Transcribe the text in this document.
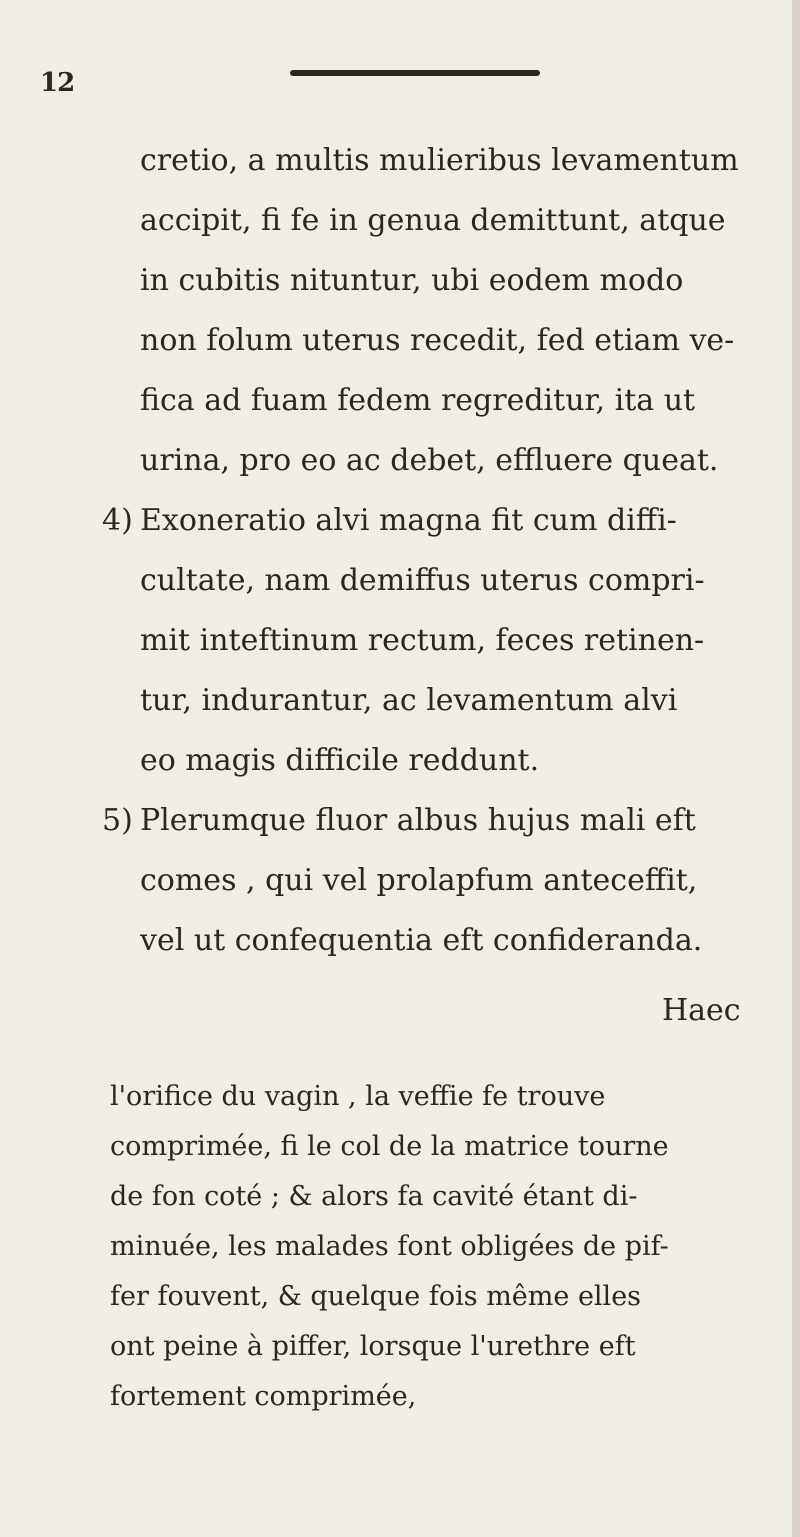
12
cretio, a multis mulieribus levamentum
accipit, fi fe in genua demittunt, atque
in cubitis nituntur, ubi eodem modo
non folum uterus recedit, fed etiam ve-
fica ad fuam fedem regreditur, ita ut
urina, pro eo ac debet, effluere queat.
4) Exoneratio alvi magna fit cum diffi-
cultate, nam demiffus uterus compri-
mit inteftinum rectum, feces retinen-
tur, indurantur, ac levamentum alvi
eo magis difficile reddunt.
5) Plerumque fluor albus hujus mali eft
comes , qui vel prolapfum anteceffit,
vel ut confequentia eft confideranda.
Haec
l'orifice du vagin , la veffie fe trouve
comprimée, fi le col de la matrice tourne
de fon coté ; & alors fa cavité étant di-
minuée, les malades font obligées de pif-
fer fouvent, & quelque fois même elles
ont peine à piffer, lorsque l'urethre eft
fortement comprimée,
